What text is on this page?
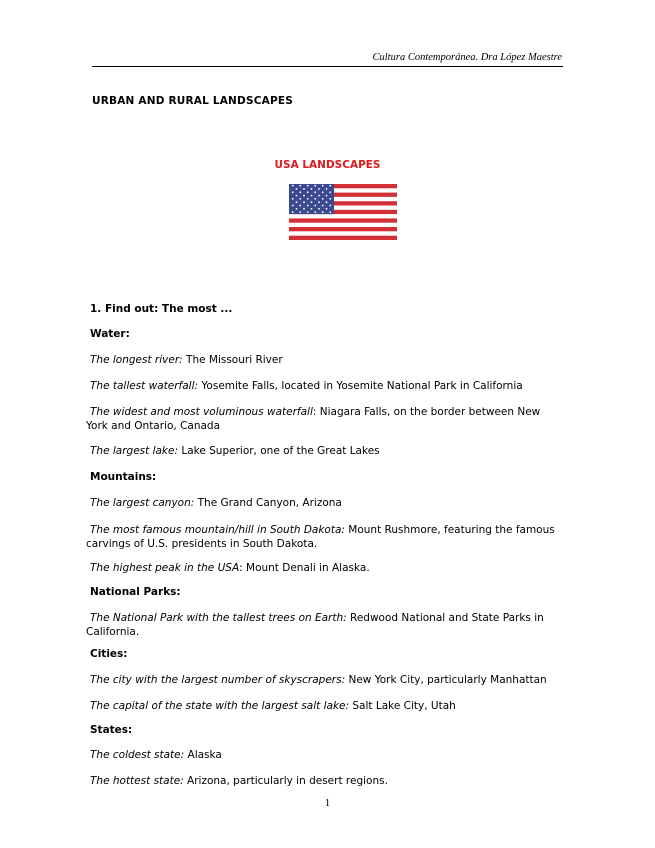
Cultura Contemporánea. Dra López Maestre
URBAN AND RURAL LANDSCAPES
USA LANDSCAPES
1. Find out: The most ...
Water:
The longest river: The Missouri River
The tallest waterfall: Yosemite Falls, located in Yosemite National Park in California
The widest and most voluminous waterfall: Niagara Falls, on the border between New York and Ontario, Canada
The largest lake: Lake Superior, one of the Great Lakes
Mountains:
The largest canyon: The Grand Canyon, Arizona
The most famous mountain/hill in South Dakota: Mount Rushmore, featuring the famous carvings of U.S. presidents in South Dakota.
The highest peak in the USA: Mount Denali in Alaska.
National Parks:
The National Park with the tallest trees on Earth: Redwood National and State Parks in California.
Cities:
The city with the largest number of skyscrapers: New York City, particularly Manhattan
The capital of the state with the largest salt lake: Salt Lake City, Utah
States:
The coldest state: Alaska
The hottest state: Arizona, particularly in desert regions.
1
